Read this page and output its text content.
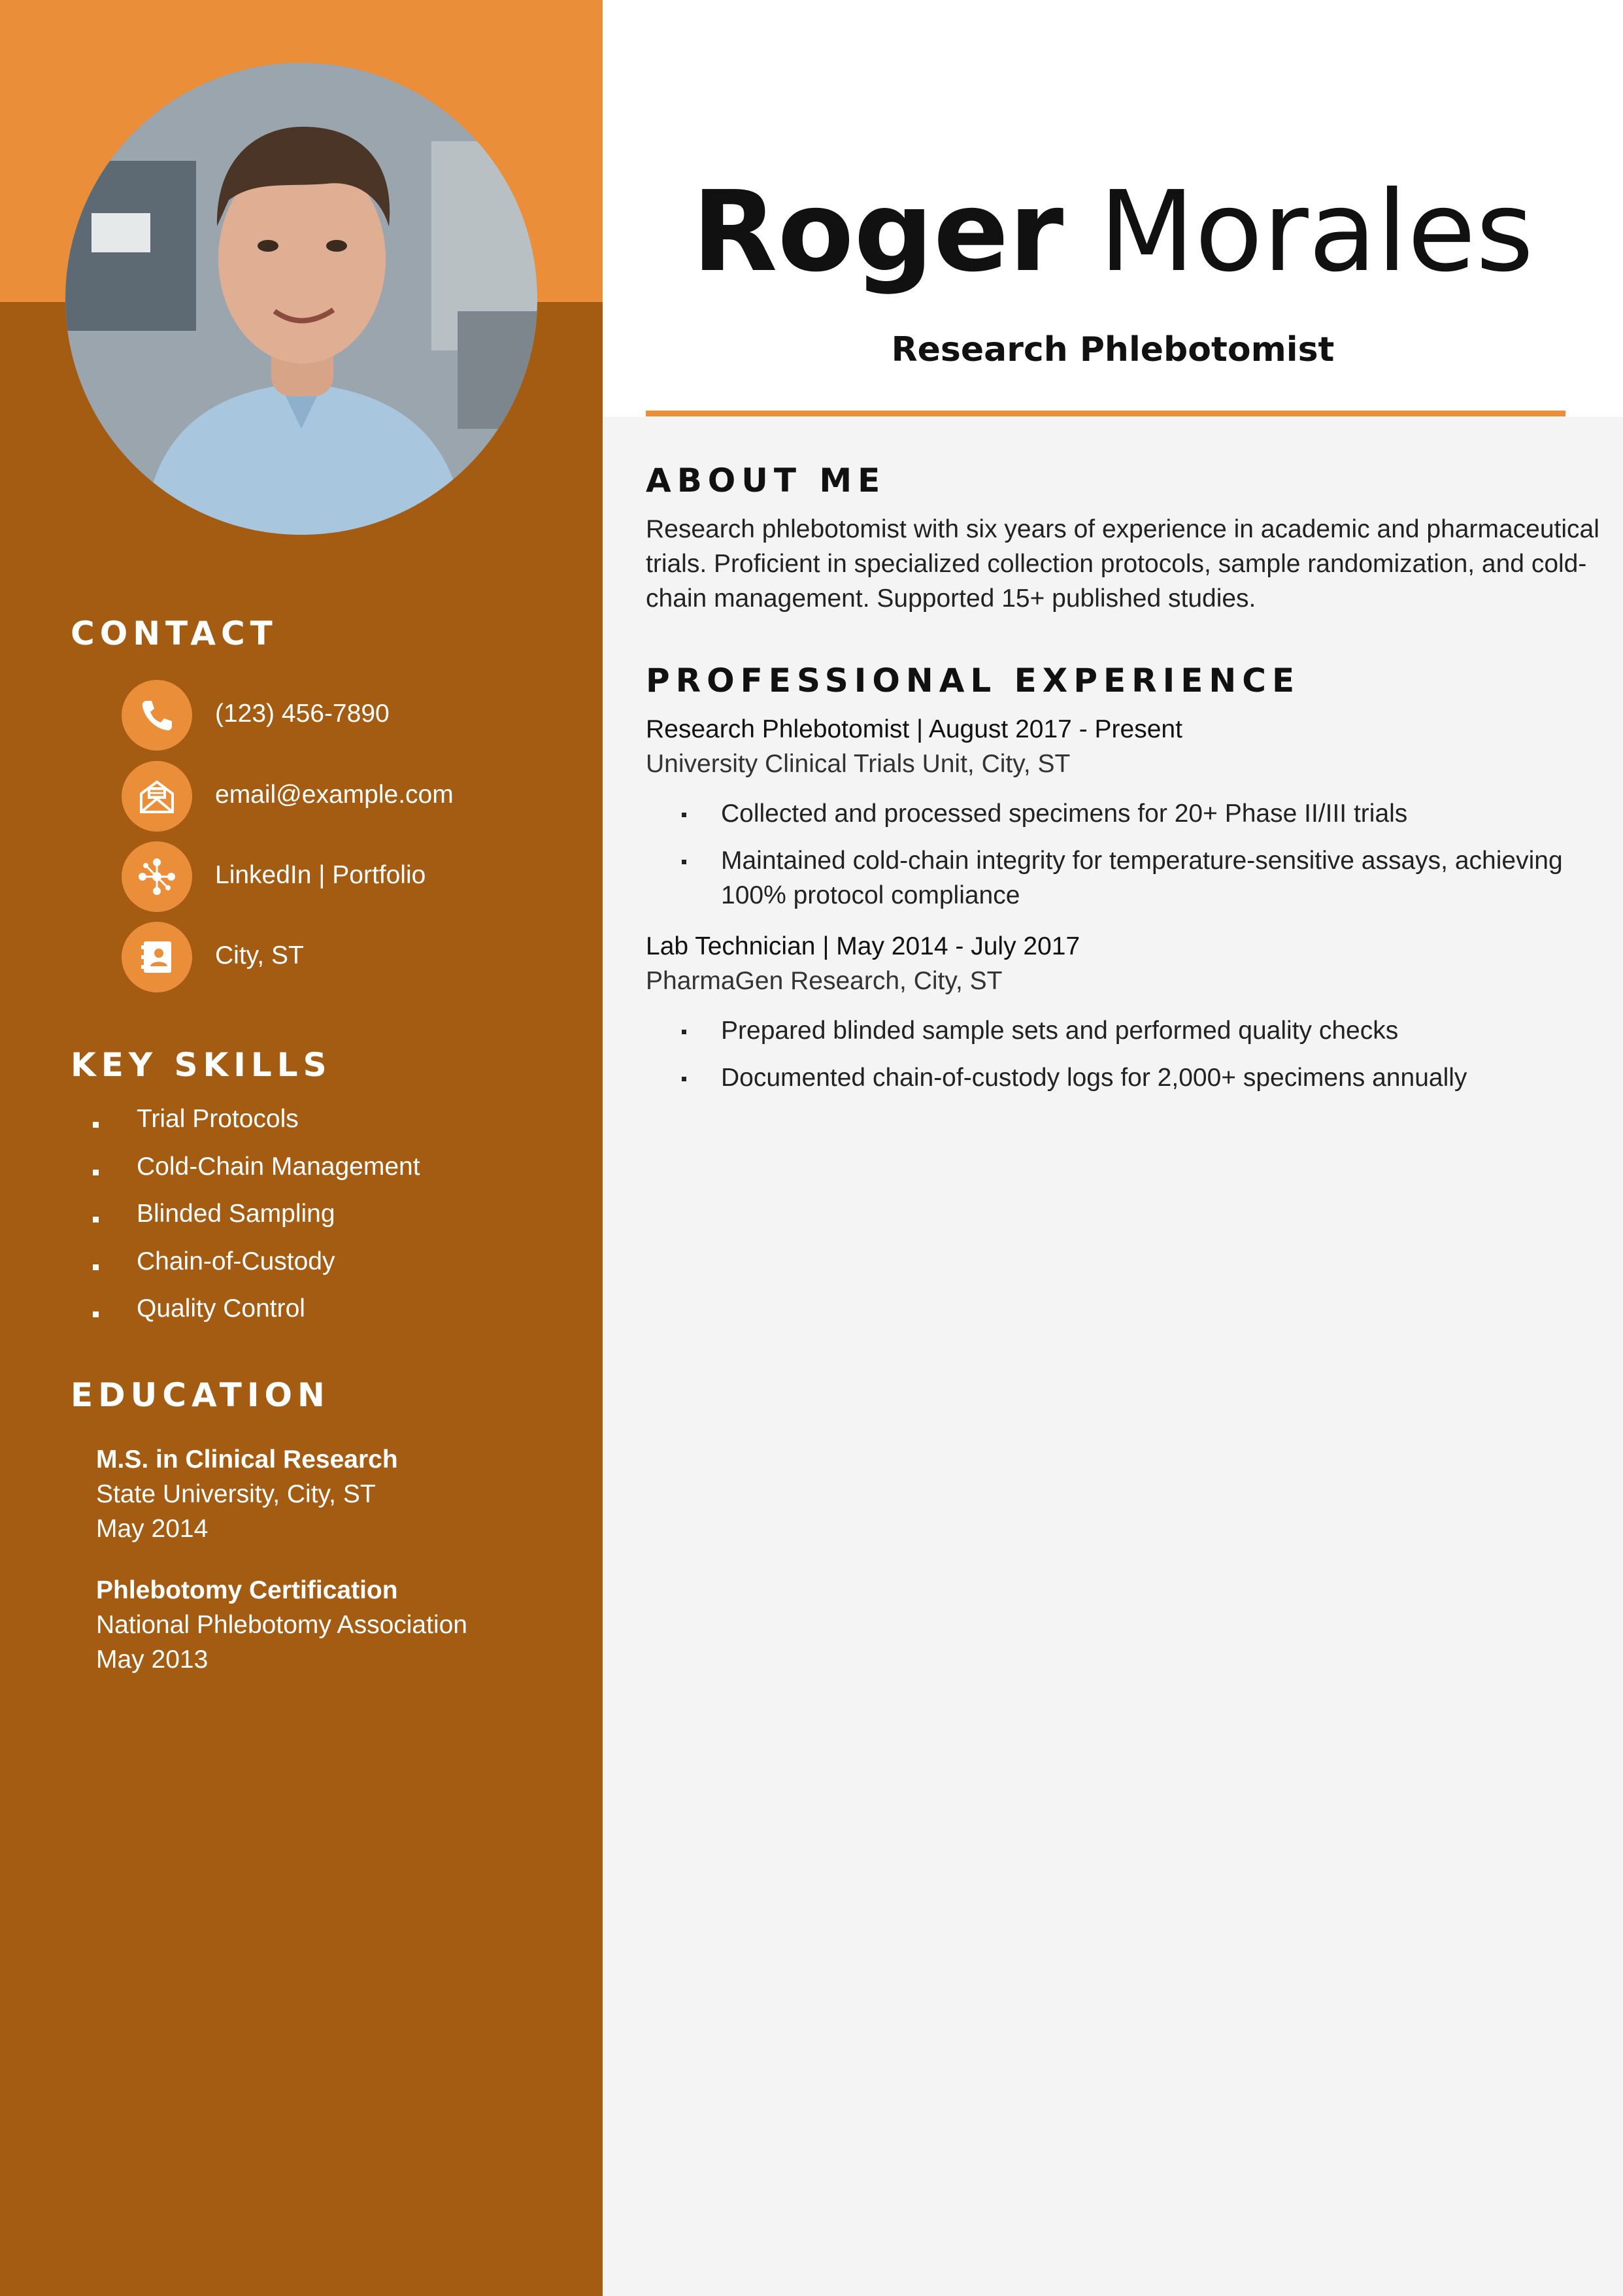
CONTACT
(123) 456-7890
email@example.com
LinkedIn | Portfolio
City, ST
KEY SKILLS
Trial Protocols
Cold-Chain Management
Blinded Sampling
Chain-of-Custody
Quality Control
EDUCATION
M.S. in Clinical Research
State University, City, ST
May 2014
Phlebotomy Certification
National Phlebotomy Association
May 2013
Roger Morales
Research Phlebotomist
ABOUT ME
Research phlebotomist with six years of experience in academic and pharmaceutical trials. Proficient in specialized collection protocols, sample randomization, and cold-chain management. Supported 15+ published studies.
PROFESSIONAL EXPERIENCE
Research Phlebotomist | August 2017 - Present
University Clinical Trials Unit, City, ST
Collected and processed specimens for 20+ Phase II/III trials
Maintained cold-chain integrity for temperature-sensitive assays, achieving 100% protocol compliance
Lab Technician | May 2014 - July 2017
PharmaGen Research, City, ST
Prepared blinded sample sets and performed quality checks
Documented chain-of-custody logs for 2,000+ specimens annually
